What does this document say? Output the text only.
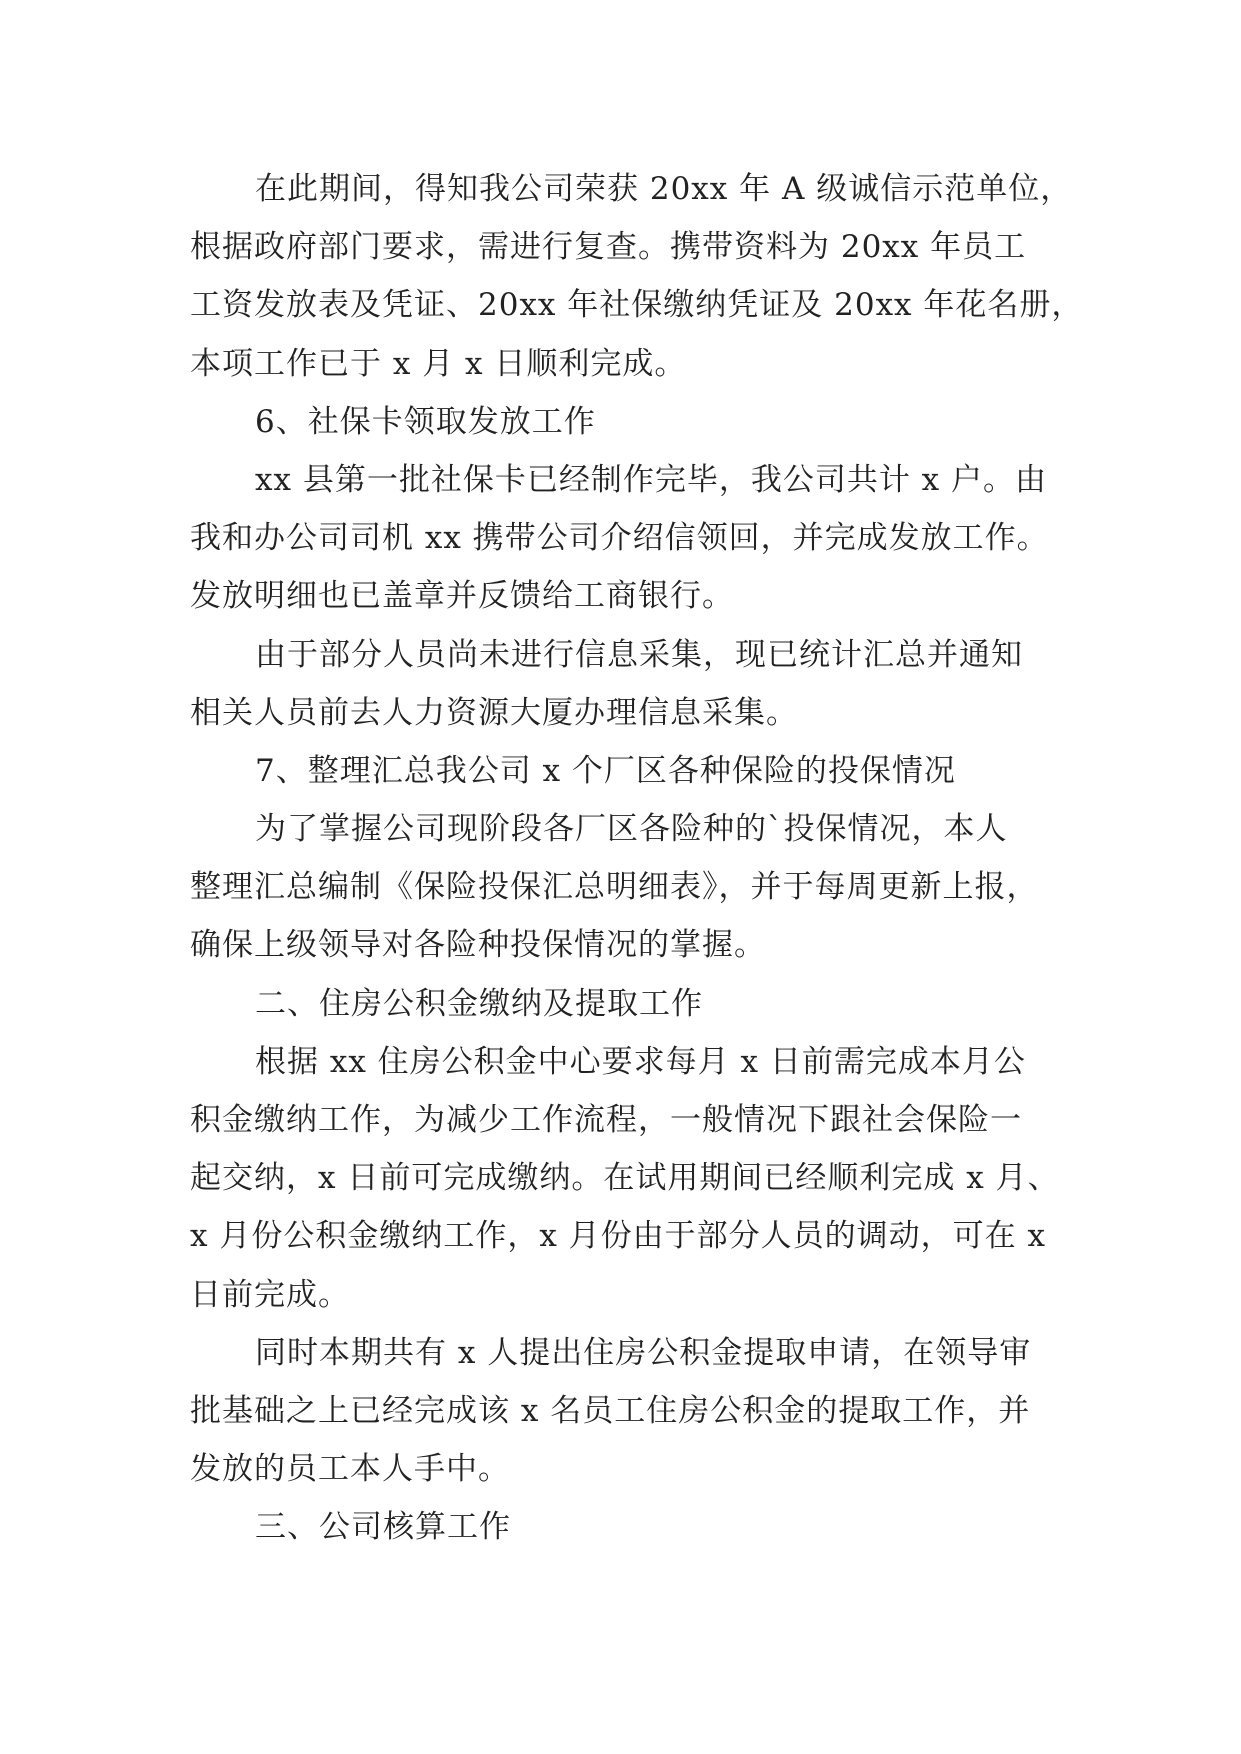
在此期间，得知我公司荣获 20xx 年 A 级诚信示范单位，
根据政府部门要求，需进行复查。携带资料为 20xx 年员工
工资发放表及凭证、20xx 年社保缴纳凭证及 20xx 年花名册，
本项工作已于 x 月 x 日顺利完成。
6、社保卡领取发放工作
xx 县第一批社保卡已经制作完毕，我公司共计 x 户。由
我和办公司司机 xx 携带公司介绍信领回，并完成发放工作。
发放明细也已盖章并反馈给工商银行。
由于部分人员尚未进行信息采集，现已统计汇总并通知
相关人员前去人力资源大厦办理信息采集。
7、整理汇总我公司 x 个厂区各种保险的投保情况
为了掌握公司现阶段各厂区各险种的`投保情况，本人
整理汇总编制《保险投保汇总明细表》，并于每周更新上报，
确保上级领导对各险种投保情况的掌握。
二、住房公积金缴纳及提取工作
根据 xx 住房公积金中心要求每月 x 日前需完成本月公
积金缴纳工作，为减少工作流程，一般情况下跟社会保险一
起交纳，x 日前可完成缴纳。在试用期间已经顺利完成 x 月、
x 月份公积金缴纳工作，x 月份由于部分人员的调动，可在 x
日前完成。
同时本期共有 x 人提出住房公积金提取申请，在领导审
批基础之上已经完成该 x 名员工住房公积金的提取工作，并
发放的员工本人手中。
三、公司核算工作
